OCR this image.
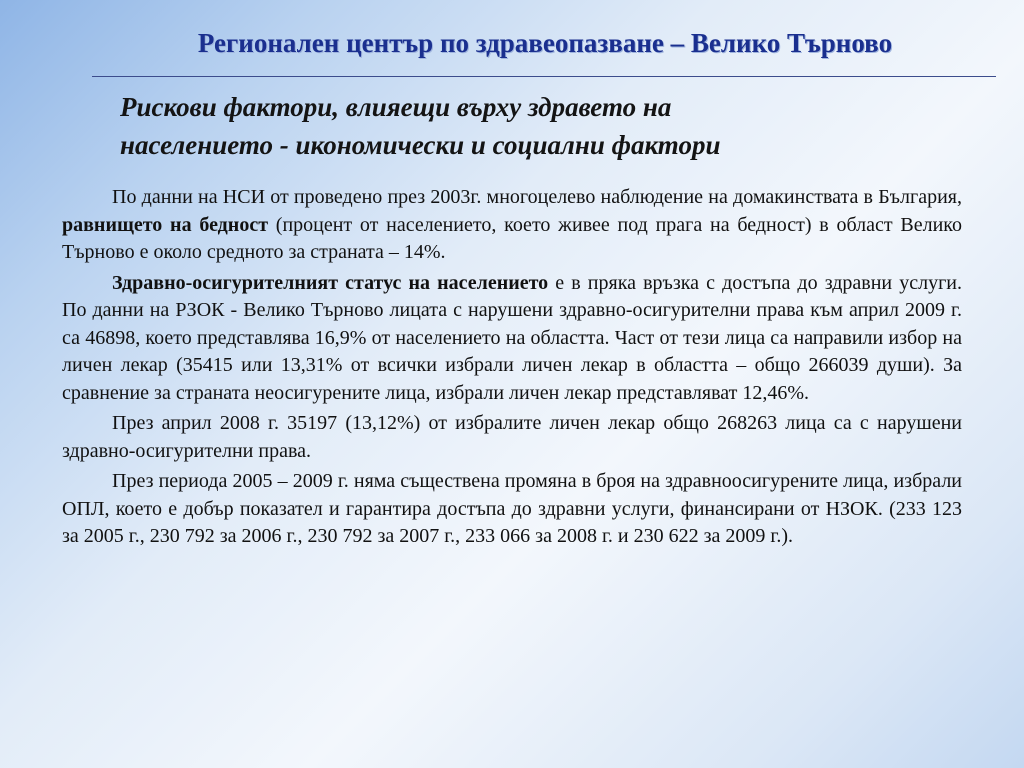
Регионален център по здравеопазване – Велико Търново
Рискови фактори, влияещи върху здравето на
населението - икономически и социални фактори

По данни на НСИ от проведено през 2003г. многоцелево наблюдение на домакинствата в България, равнището на бедност (процент от населението, което живее под прага на бедност) в област Велико Търново е около средното за страната – 14%.

Здравно-осигурителният статус на населението е в пряка връзка с достъпа до здравни услуги. По данни на РЗОК - Велико Търново лицата с нарушени здравно-осигурителни права към април 2009 г. са 46898, което представлява 16,9% от населението на областта. Част от тези лица са направили избор на личен лекар (35415 или 13,31% от всички избрали личен лекар в областта – общо 266039 души). За сравнение за страната неосигурените лица, избрали личен лекар представляват 12,46%.

През април 2008 г. 35197 (13,12%) от избралите личен лекар общо 268263 лица са с нарушени здравно-осигурителни права.

През периода 2005 – 2009 г. няма съществена промяна в броя на здравноосигурените лица, избрали ОПЛ, което е добър показател и гарантира достъпа до здравни услуги, финансирани от НЗОК. (233 123 за 2005 г., 230 792 за 2006 г., 230 792 за 2007 г., 233 066 за 2008 г. и 230 622 за 2009 г.).
